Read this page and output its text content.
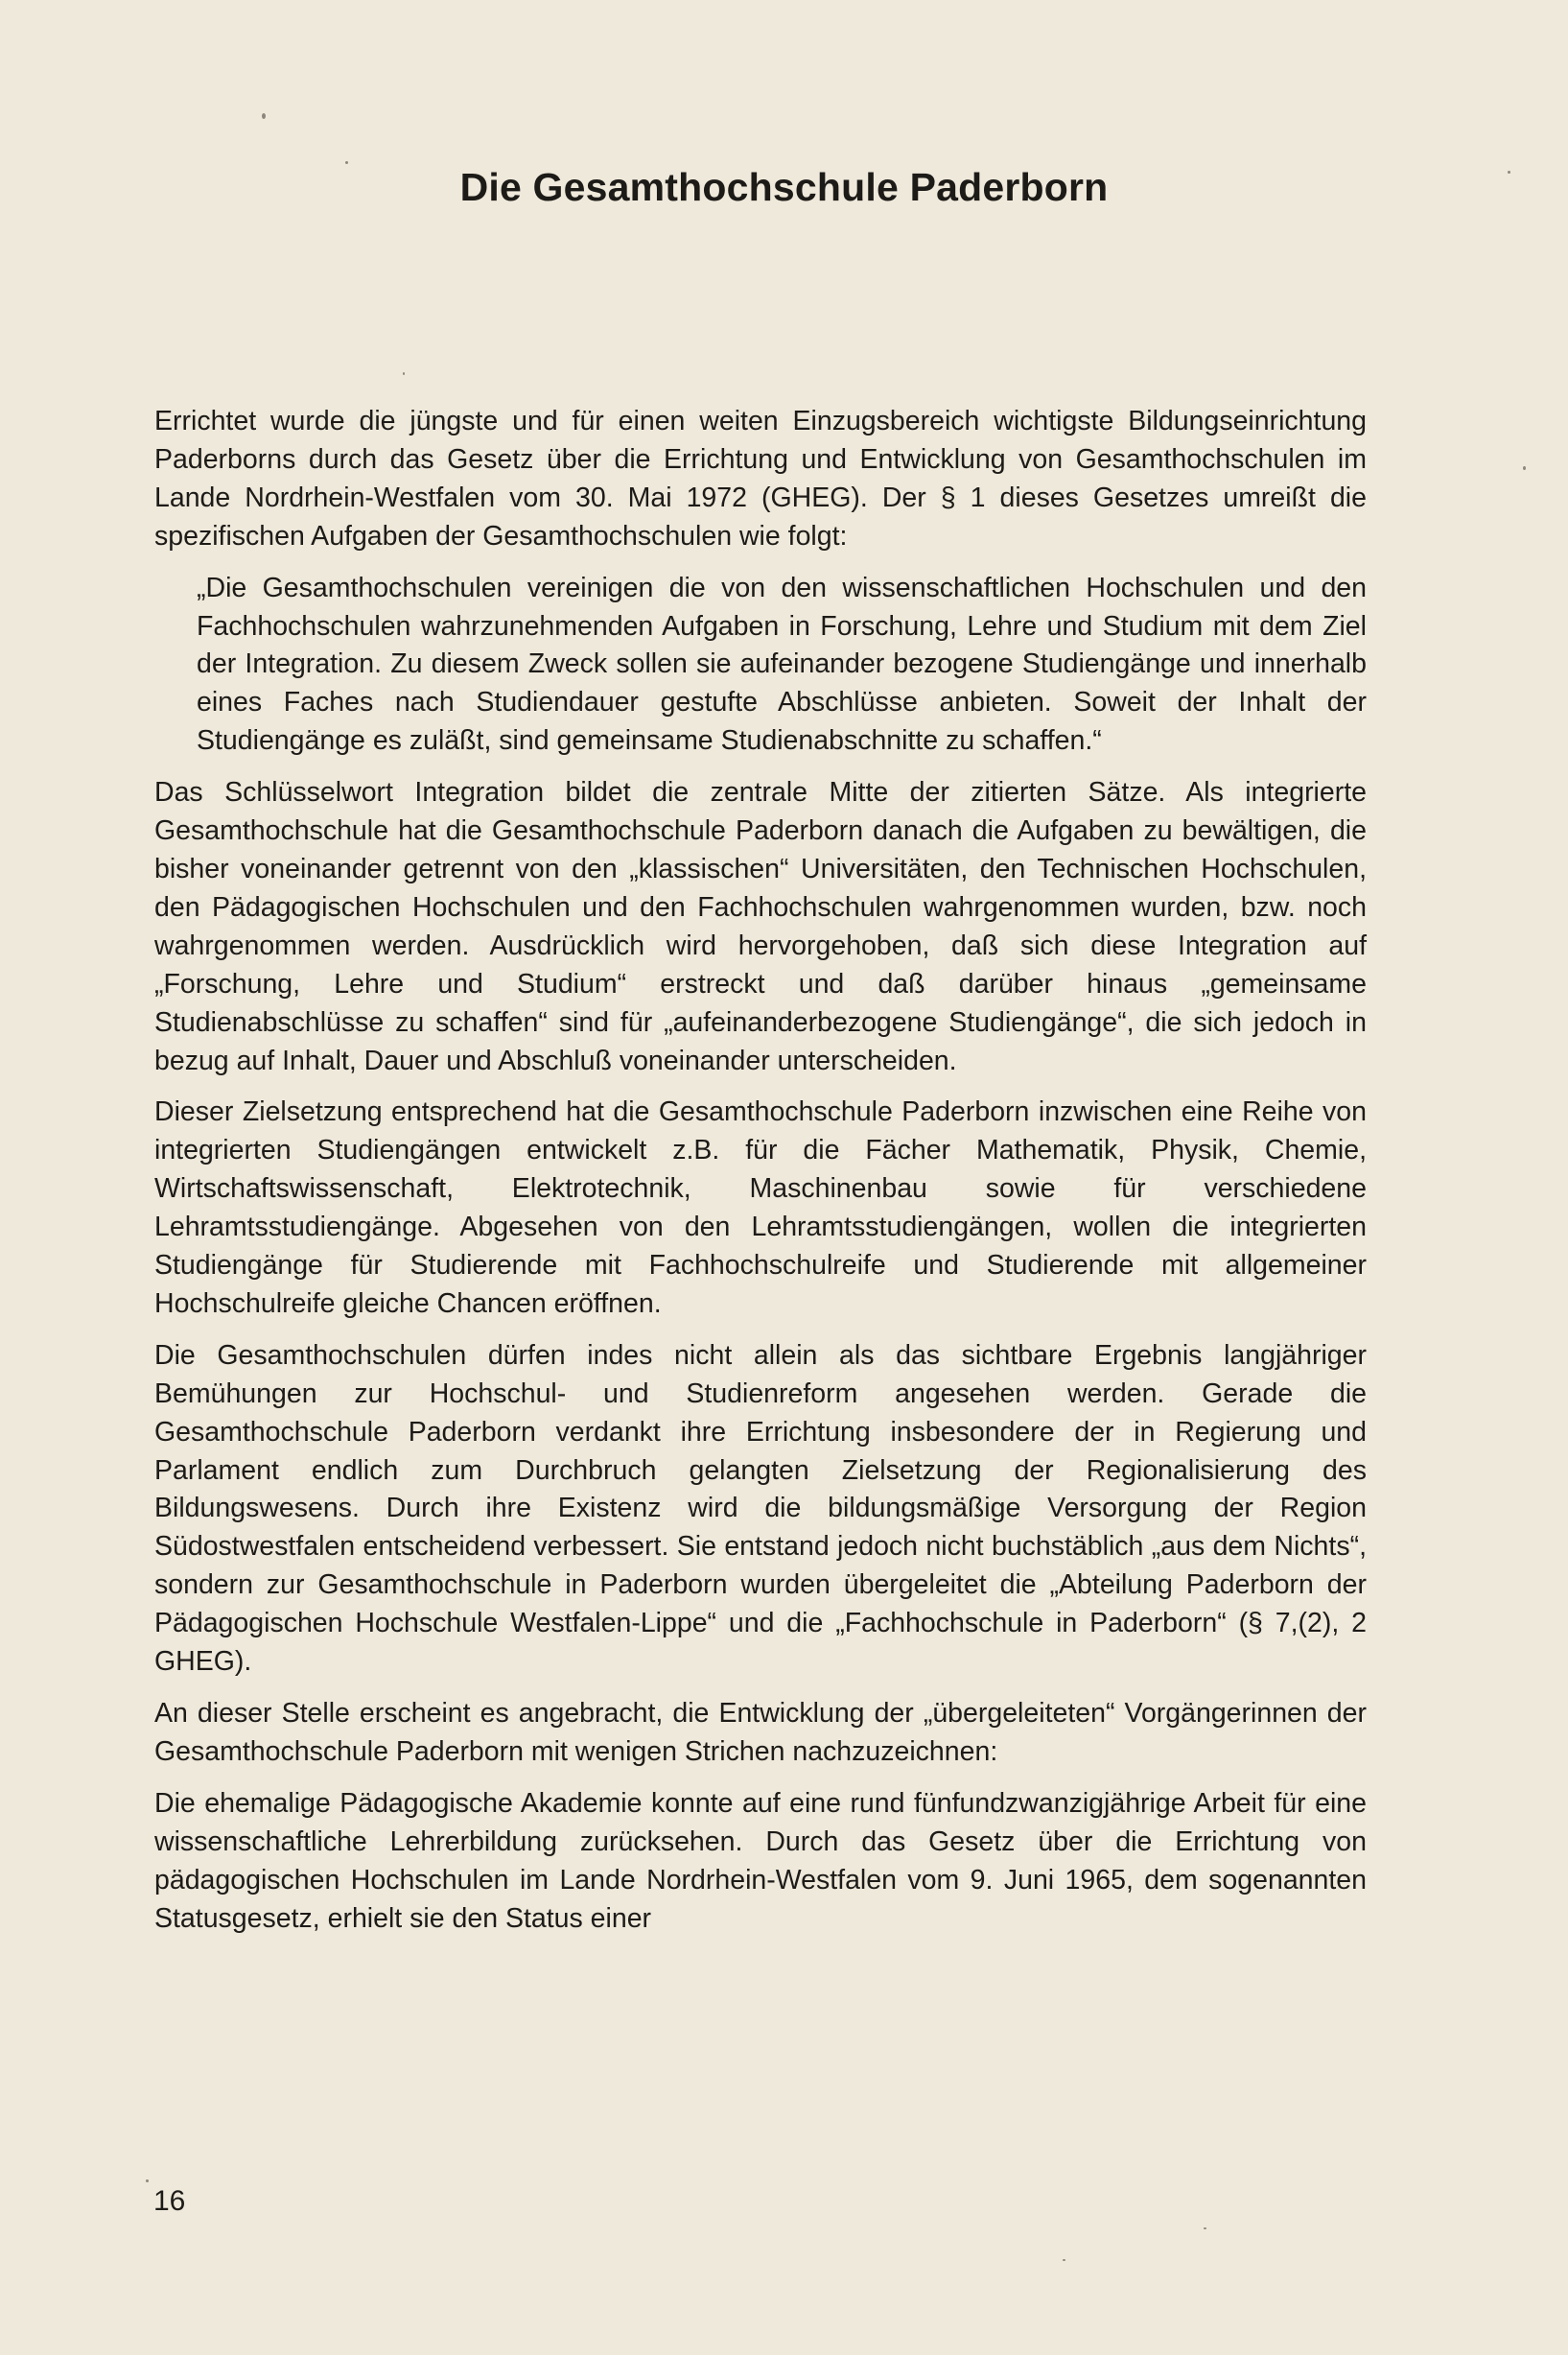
Die Gesamthochschule Paderborn

Errichtet wurde die jüngste und für einen weiten Einzugsbereich wichtigste Bildungseinrichtung Paderborns durch das Gesetz über die Errichtung und Entwicklung von Gesamthochschulen im Lande Nordrhein-Westfalen vom 30. Mai 1972 (GHEG). Der § 1 dieses Gesetzes umreißt die spezifischen Aufgaben der Gesamthochschulen wie folgt:

„Die Gesamthochschulen vereinigen die von den wissenschaftlichen Hochschulen und den Fachhochschulen wahrzunehmenden Aufgaben in Forschung, Lehre und Studium mit dem Ziel der Integration. Zu diesem Zweck sollen sie aufeinander bezogene Studiengänge und innerhalb eines Faches nach Studiendauer gestufte Abschlüsse anbieten. Soweit der Inhalt der Studiengänge es zuläßt, sind gemeinsame Studienabschnitte zu schaffen.“

Das Schlüsselwort Integration bildet die zentrale Mitte der zitierten Sätze. Als integrierte Gesamthochschule hat die Gesamthochschule Paderborn danach die Aufgaben zu bewältigen, die bisher voneinander getrennt von den „klassischen“ Universitäten, den Technischen Hochschulen, den Pädagogischen Hochschulen und den Fachhochschulen wahrgenommen wurden, bzw. noch wahrgenommen werden. Ausdrücklich wird hervorgehoben, daß sich diese Integration auf „Forschung, Lehre und Studium“ erstreckt und daß darüber hinaus „gemeinsame Studienabschlüsse zu schaffen“ sind für „aufeinanderbezogene Studiengänge“, die sich jedoch in bezug auf Inhalt, Dauer und Abschluß voneinander unterscheiden.

Dieser Zielsetzung entsprechend hat die Gesamthochschule Paderborn inzwischen eine Reihe von integrierten Studiengängen entwickelt z.B. für die Fächer Mathematik, Physik, Chemie, Wirtschaftswissenschaft, Elektrotechnik, Maschinenbau sowie für verschiedene Lehramtsstudiengänge. Abgesehen von den Lehramtsstudiengängen, wollen die integrierten Studiengänge für Studierende mit Fachhochschulreife und Studierende mit allgemeiner Hochschulreife gleiche Chancen eröffnen.

Die Gesamthochschulen dürfen indes nicht allein als das sichtbare Ergebnis langjähriger Bemühungen zur Hochschul- und Studienreform angesehen werden. Gerade die Gesamthochschule Paderborn verdankt ihre Errichtung insbesondere der in Regierung und Parlament endlich zum Durchbruch gelangten Zielsetzung der Regionalisierung des Bildungswesens. Durch ihre Existenz wird die bildungsmäßige Versorgung der Region Südostwestfalen entscheidend verbessert. Sie entstand jedoch nicht buchstäblich „aus dem Nichts“, sondern zur Gesamthochschule in Paderborn wurden übergeleitet die „Abteilung Paderborn der Pädagogischen Hochschule Westfalen-Lippe“ und die „Fachhochschule in Paderborn“ (§ 7,(2), 2 GHEG).

An dieser Stelle erscheint es angebracht, die Entwicklung der „übergeleiteten“ Vorgängerinnen der Gesamthochschule Paderborn mit wenigen Strichen nachzuzeichnen:

Die ehemalige Pädagogische Akademie konnte auf eine rund fünfundzwanzigjährige Arbeit für eine wissenschaftliche Lehrerbildung zurücksehen. Durch das Gesetz über die Errichtung von pädagogischen Hochschulen im Lande Nordrhein-Westfalen vom 9. Juni 1965, dem sogenannten Statusgesetz, erhielt sie den Status einer

16
